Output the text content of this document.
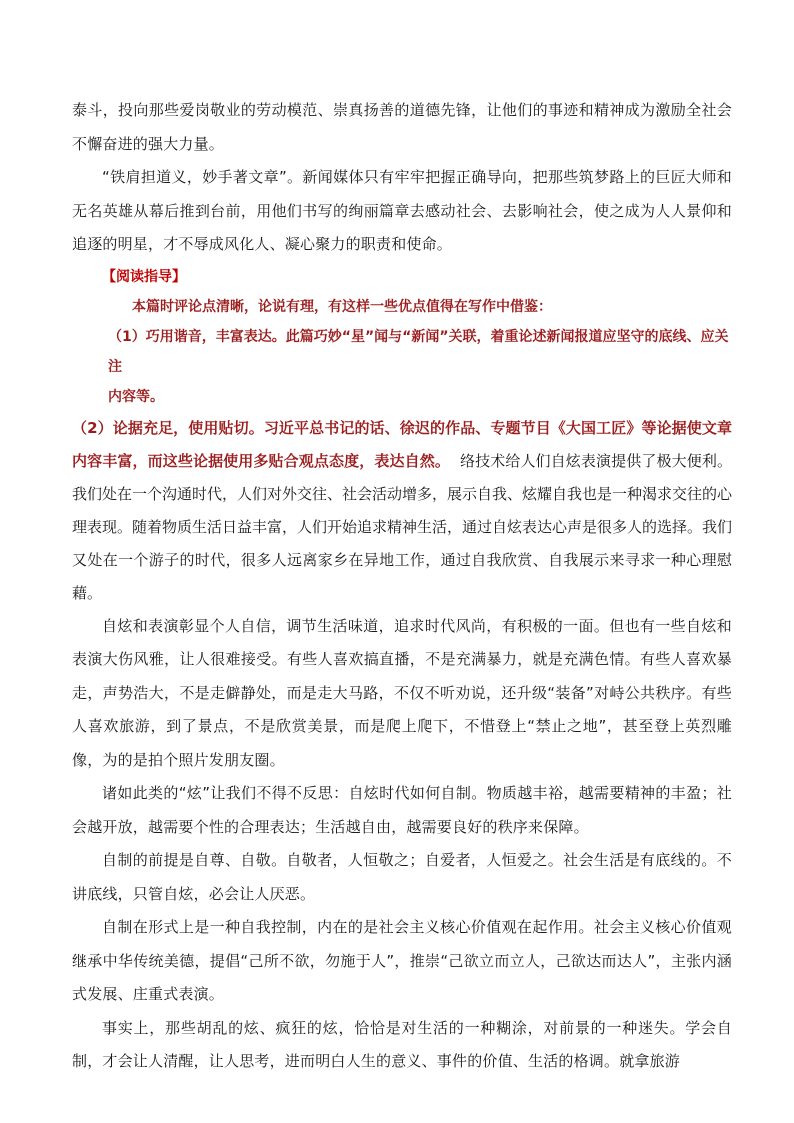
泰斗，投向那些爱岗敬业的劳动模范、崇真扬善的道德先锋，让他们的事迹和精神成为激励全社会不懈奋进的强大力量。

“铁肩担道义，妙手著文章”。新闻媒体只有牢牢把握正确导向，把那些筑梦路上的巨匠大师和无名英雄从幕后推到台前，用他们书写的绚丽篇章去感动社会、去影响社会，使之成为人人景仰和追逐的明星，才不辱成风化人、凝心聚力的职责和使命。

【阅读指导】
本篇时评论点清晰，论说有理，有这样一些优点值得在写作中借鉴：
（1）巧用谐音，丰富表达。此篇巧妙“星”闻与“新闻”关联，着重论述新闻报道应坚守的底线、应关注
内容等。

（2）论据充足，使用贴切。习近平总书记的话、徐迟的作品、专题节目《大国工匠》等论据使文章内容丰富，而这些论据使用多贴合观点态度，表达自然。 络技术给人们自炫表演提供了极大便利。我们处在一个沟通时代，人们对外交往、社会活动增多，展示自我、炫耀自我也是一种渴求交往的心理表现。随着物质生活日益丰富，人们开始追求精神生活，通过自炫表达心声是很多人的选择。我们又处在一个游子的时代，很多人远离家乡在异地工作，通过自我欣赏、自我展示来寻求一种心理慰藉。

自炫和表演彰显个人自信，调节生活味道，追求时代风尚，有积极的一面。但也有一些自炫和表演大伤风雅，让人很难接受。有些人喜欢搞直播，不是充满暴力，就是充满色情。有些人喜欢暴走，声势浩大，不是走僻静处，而是走大马路，不仅不听劝说，还升级“装备”对峙公共秩序。有些人喜欢旅游，到了景点，不是欣赏美景，而是爬上爬下，不惜登上“禁止之地”，甚至登上英烈雕像，为的是拍个照片发朋友圈。

诸如此类的“炫”让我们不得不反思：自炫时代如何自制。物质越丰裕，越需要精神的丰盈；社会越开放，越需要个性的合理表达；生活越自由，越需要良好的秩序来保障。

自制的前提是自尊、自敬。自敬者，人恒敬之；自爱者，人恒爱之。社会生活是有底线的。不讲底线，只管自炫，必会让人厌恶。

自制在形式上是一种自我控制，内在的是社会主义核心价值观在起作用。社会主义核心价值观继承中华传统美德，提倡“己所不欲，勿施于人”，推崇“己欲立而立人，己欲达而达人”，主张内涵式发展、庄重式表演。

事实上，那些胡乱的炫、疯狂的炫，恰恰是对生活的一种糊涂，对前景的一种迷失。学会自制，才会让人清醒，让人思考，进而明白人生的意义、事件的价值、生活的格调。就拿旅游
